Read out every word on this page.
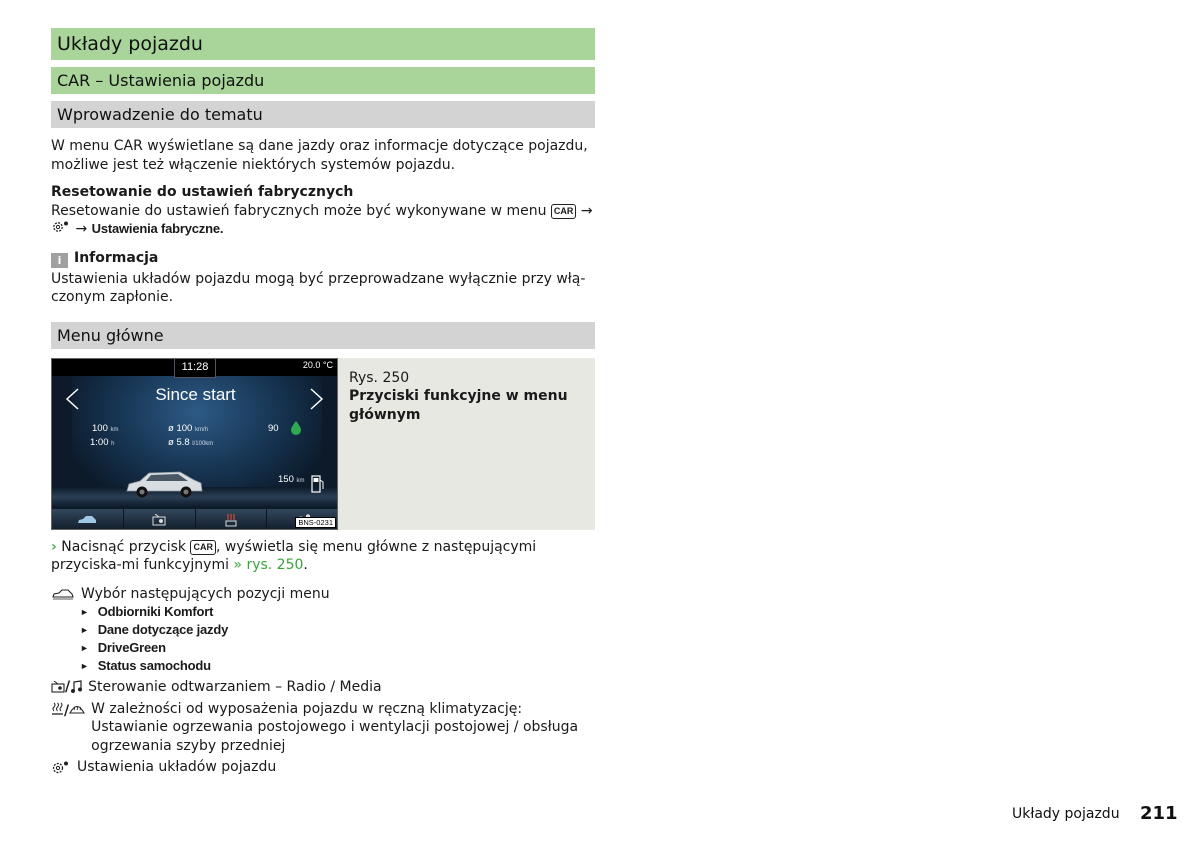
Układy pojazdu
CAR – Ustawienia pojazdu
Wprowadzenie do tematu

W menu CAR wyświetlane są dane jazdy oraz informacje dotyczące pojazdu, możliwe jest też włączenie niektórych systemów pojazdu.

Resetowanie do ustawień fabrycznych

Resetowanie do ustawień fabrycznych może być wykonywane w menu CAR →

→ Ustawienia fabryczne.

i Informacja

Ustawienia układów pojazdu mogą być przeprowadzane wyłącznie przy włą-czonym zapłonie.

Menu główne
11:28	20.0 °C
Since start
100 km	ø 100 km/h	90
1:00 h	ø 5.8 l/100km
150 km
BNS-0231
Rys. 250
Przyciski funkcyjne w menu głównym

› Nacisnąć przycisk CAR , wyświetla się menu główne z następującymi przyciska-mi funkcyjnymi » rys. 250.

Wybór następujących pozycji menu
► Odbiorniki Komfort
► Dane dotyczące jazdy
► DriveGreen
► Status samochodu
/ Sterowanie odtwarzaniem – Radio / Media
/ W zależności od wyposażenia pojazdu w ręczną klimatyzację: Ustawianie ogrzewania postojowego i wentylacji postojowej / obsługa ogrzewania szyby przedniej
Ustawienia układów pojazdu
Układy pojazdu 211
